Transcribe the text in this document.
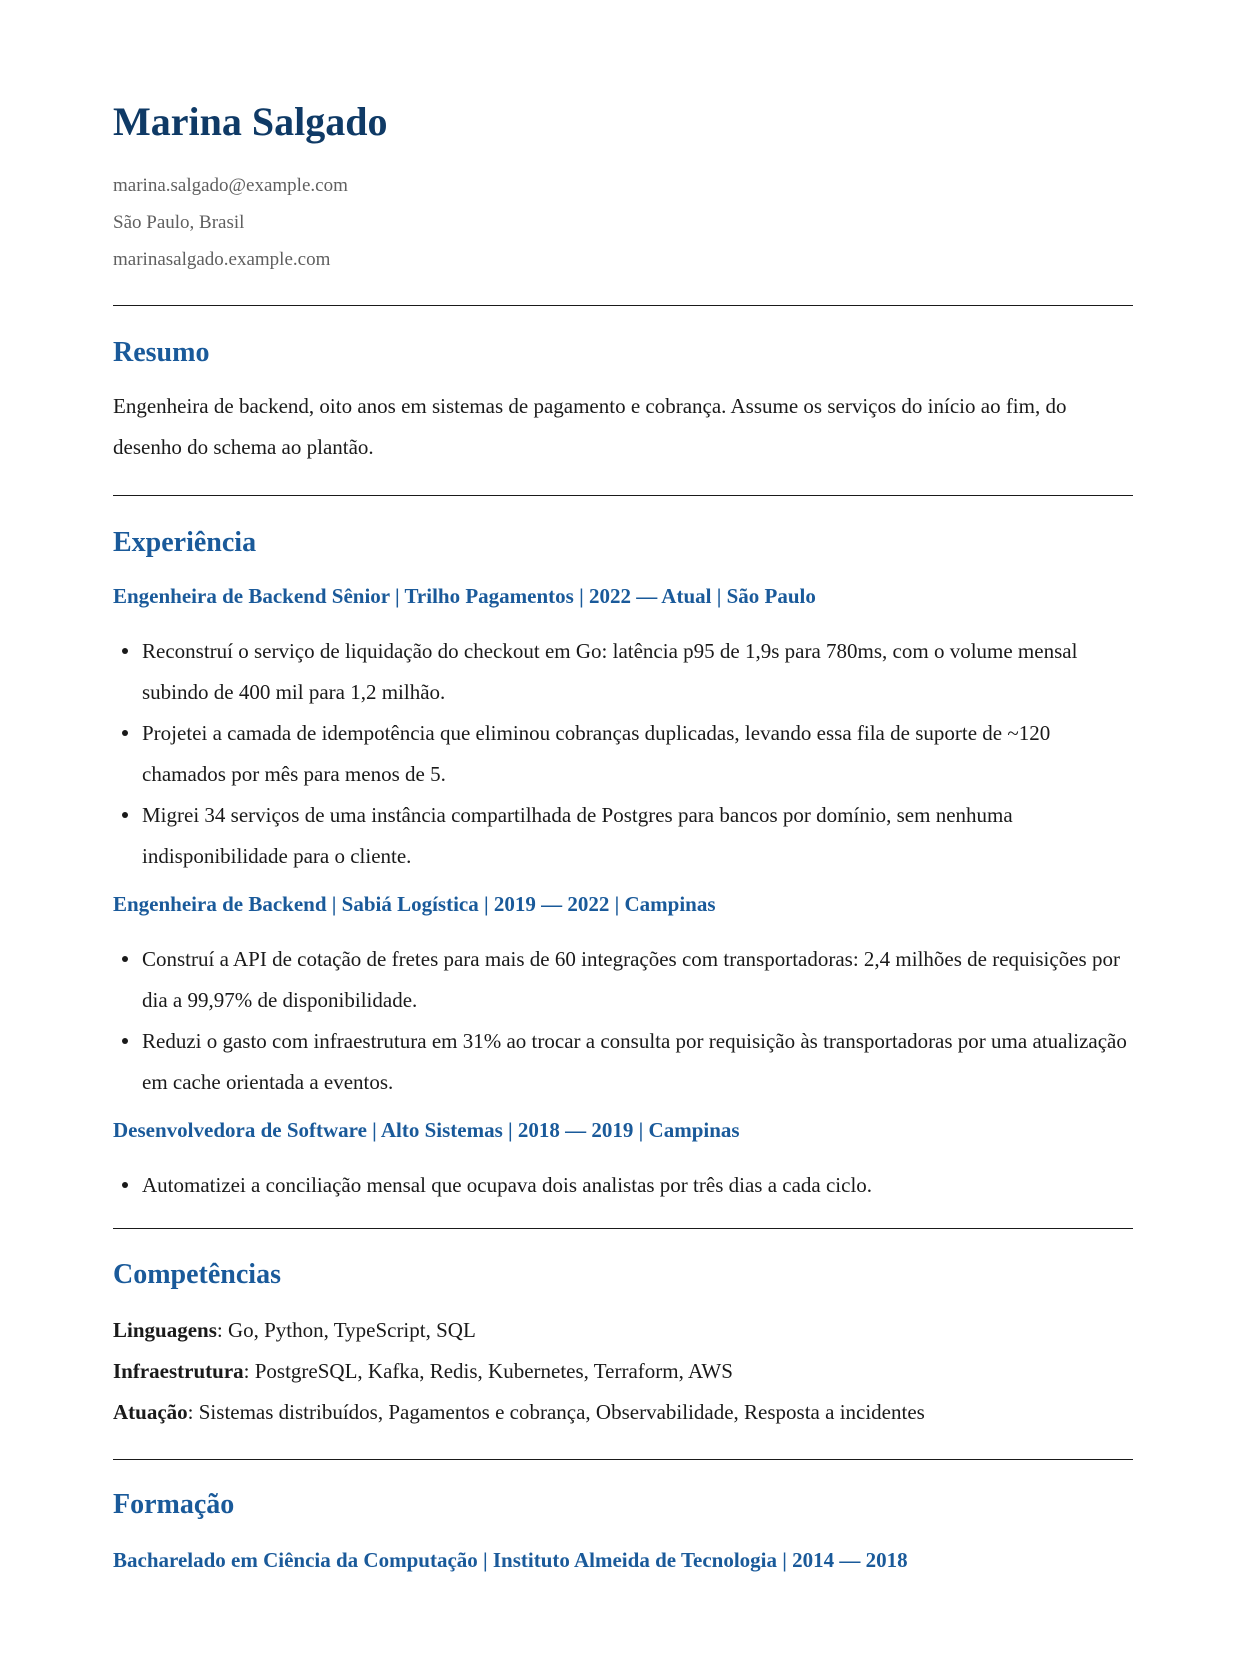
Marina Salgado

marina.salgado@example.com

São Paulo, Brasil

marinasalgado.example.com

Resumo

Engenheira de backend, oito anos em sistemas de pagamento e cobrança. Assume os serviços do início ao fim, do desenho do schema ao plantão.

Experiência

Engenheira de Backend Sênior | Trilho Pagamentos | 2022 — Atual | São Paulo

Reconstruí o serviço de liquidação do checkout em Go: latência p95 de 1,9s para 780ms, com o volume mensal subindo de 400 mil para 1,2 milhão.
Projetei a camada de idempotência que eliminou cobranças duplicadas, levando essa fila de suporte de ~120 chamados por mês para menos de 5.
Migrei 34 serviços de uma instância compartilhada de Postgres para bancos por domínio, sem nenhuma indisponibilidade para o cliente.

Engenheira de Backend | Sabiá Logística | 2019 — 2022 | Campinas

Construí a API de cotação de fretes para mais de 60 integrações com transportadoras: 2,4 milhões de requisições por dia a 99,97% de disponibilidade.
Reduzi o gasto com infraestrutura em 31% ao trocar a consulta por requisição às transportadoras por uma atualização em cache orientada a eventos.

Desenvolvedora de Software | Alto Sistemas | 2018 — 2019 | Campinas

Automatizei a conciliação mensal que ocupava dois analistas por três dias a cada ciclo.
Competências

Linguagens: Go, Python, TypeScript, SQL

Infraestrutura: PostgreSQL, Kafka, Redis, Kubernetes, Terraform, AWS

Atuação: Sistemas distribuídos, Pagamentos e cobrança, Observabilidade, Resposta a incidentes

Formação

Bacharelado em Ciência da Computação | Instituto Almeida de Tecnologia | 2014 — 2018
